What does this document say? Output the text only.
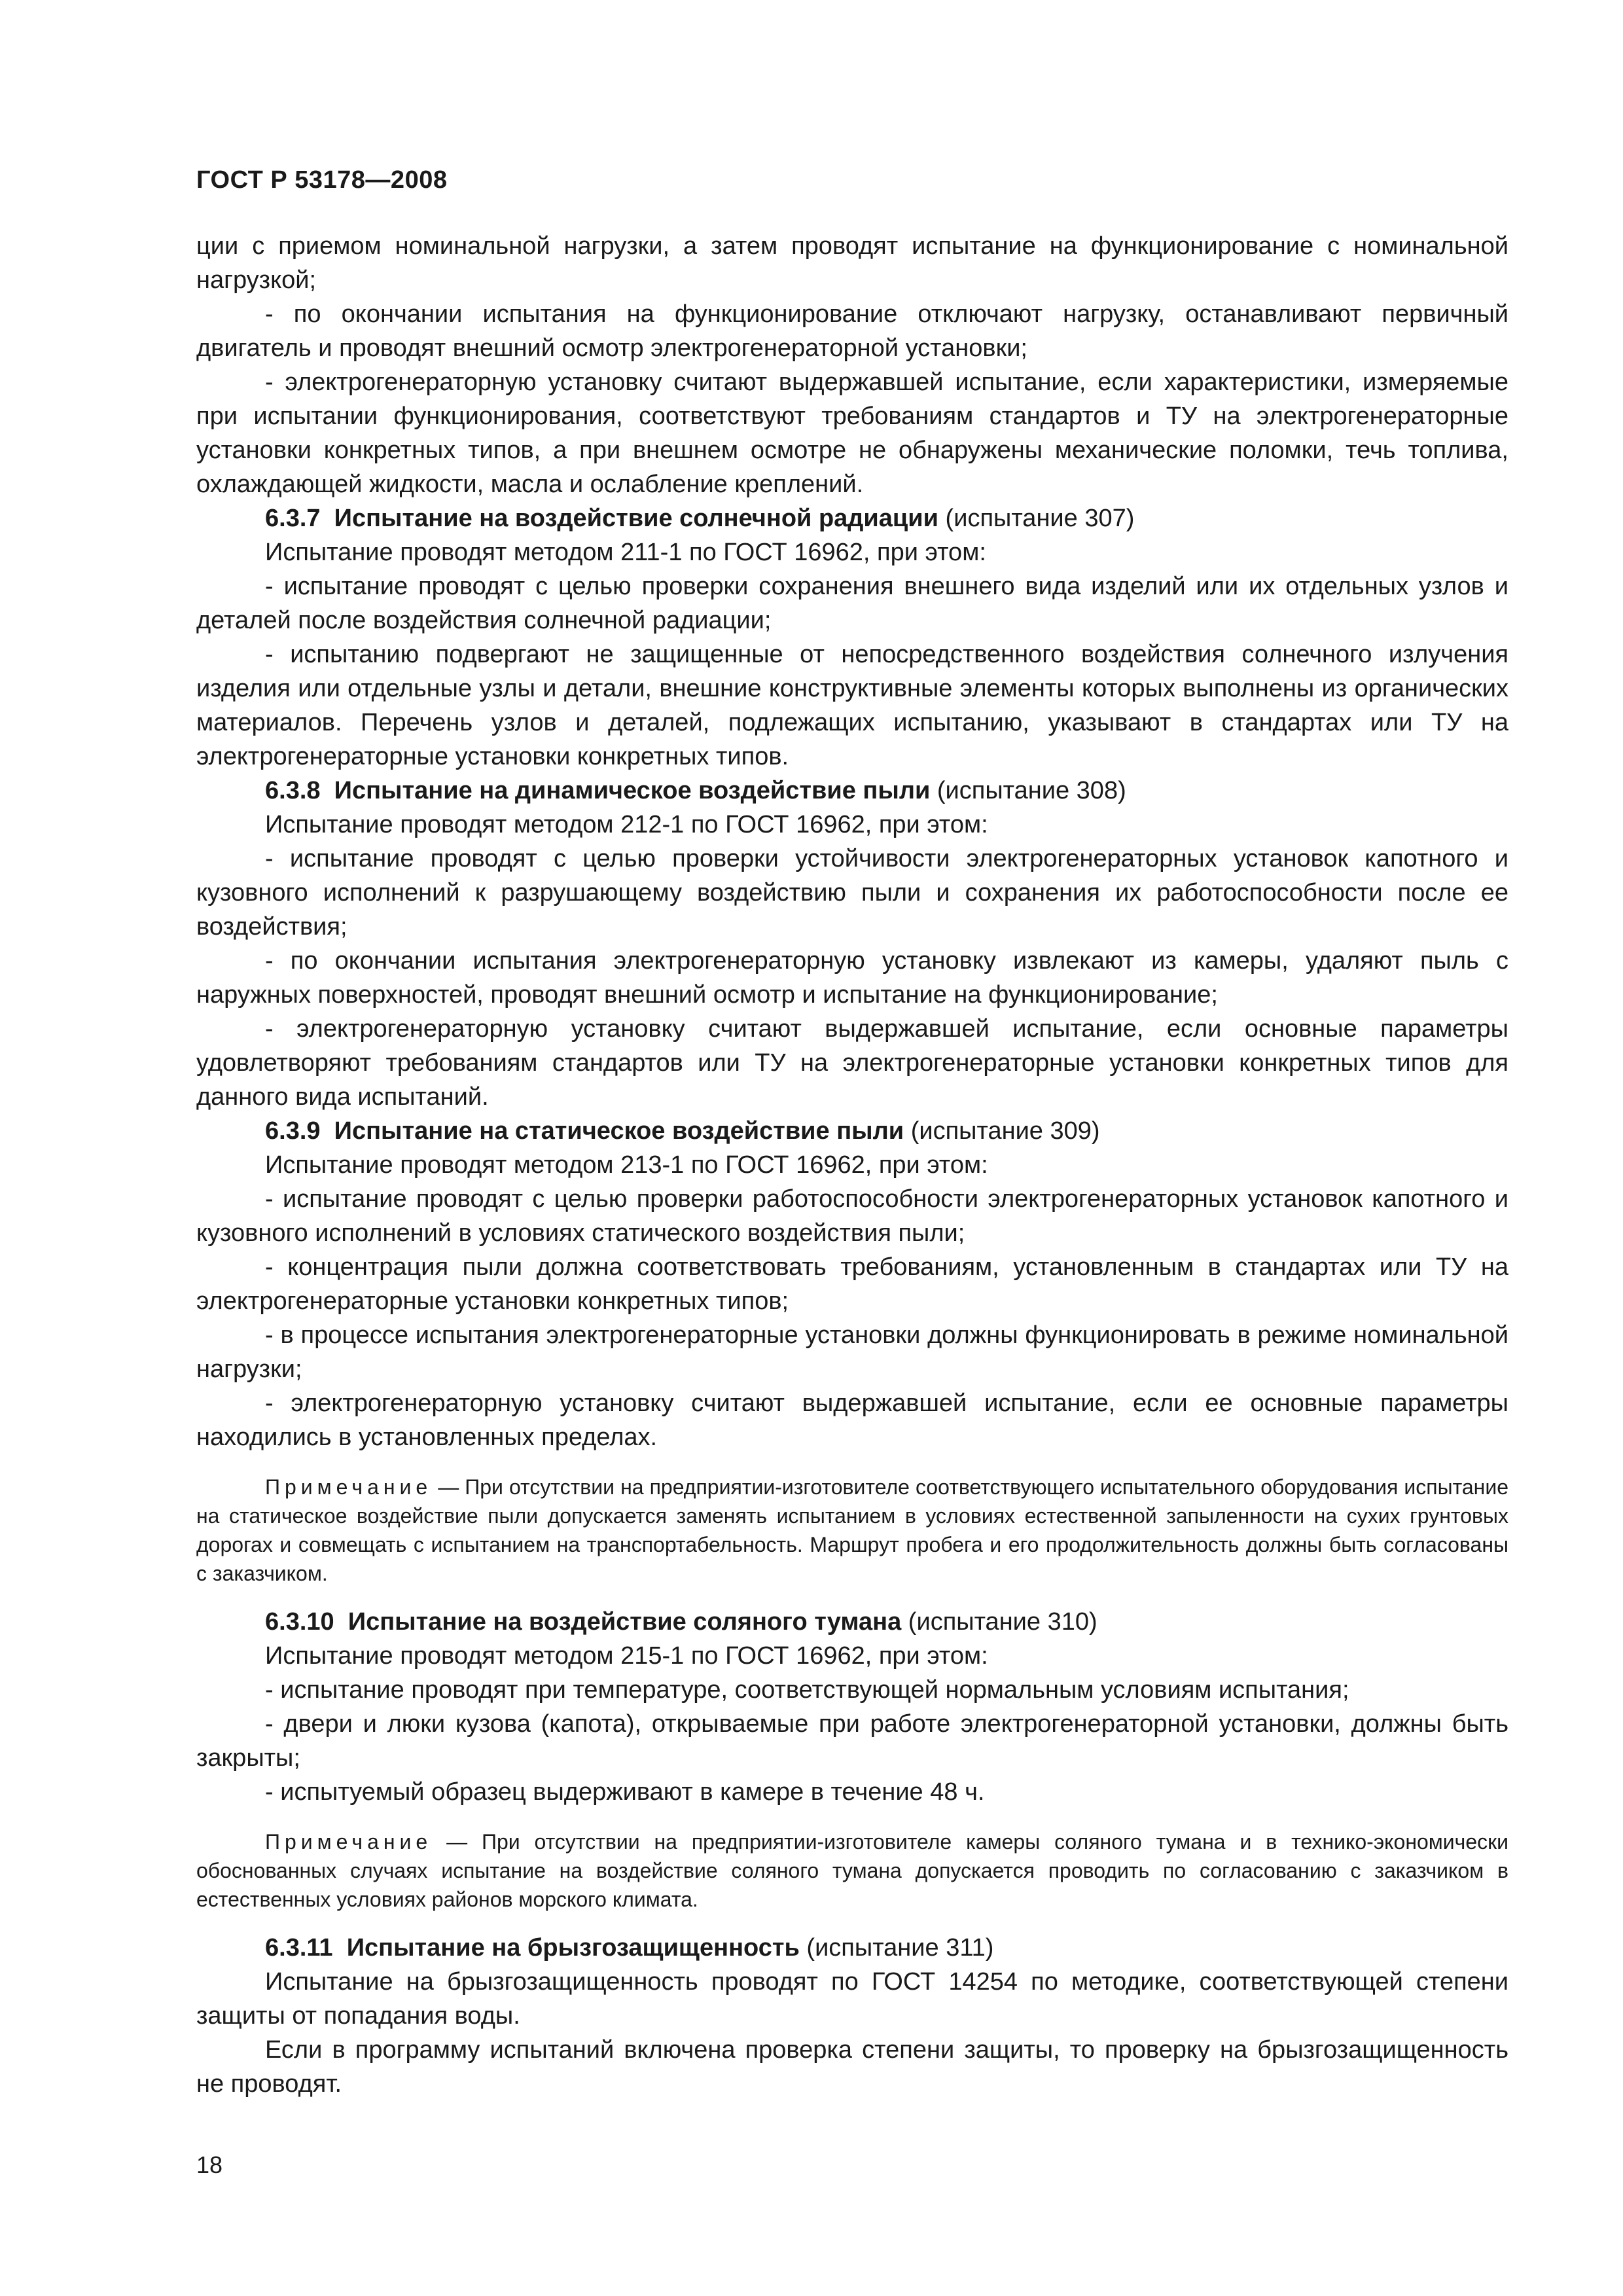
ГОСТ Р 53178—2008

ции с приемом номинальной нагрузки, а затем проводят испытание на функционирование с номинальной нагрузкой;

- по окончании испытания на функционирование отключают нагрузку, останавливают первичный двигатель и проводят внешний осмотр электрогенераторной установки;

- электрогенераторную установку считают выдержавшей испытание, если характеристики, измеряемые при испытании функционирования, соответствуют требованиям стандартов и ТУ на электрогенераторные установки конкретных типов, а при внешнем осмотре не обнаружены механические поломки, течь топлива, охлаждающей жидкости, масла и ослабление креплений.

6.3.7 Испытание на воздействие солнечной радиации (испытание 307)

Испытание проводят методом 211-1 по ГОСТ 16962, при этом:

- испытание проводят с целью проверки сохранения внешнего вида изделий или их отдельных узлов и деталей после воздействия солнечной радиации;

- испытанию подвергают не защищенные от непосредственного воздействия солнечного излучения изделия или отдельные узлы и детали, внешние конструктивные элементы которых выполнены из органических материалов. Перечень узлов и деталей, подлежащих испытанию, указывают в стандартах или ТУ на электрогенераторные установки конкретных типов.

6.3.8 Испытание на динамическое воздействие пыли (испытание 308)

Испытание проводят методом 212-1 по ГОСТ 16962, при этом:

- испытание проводят с целью проверки устойчивости электрогенераторных установок капотного и кузовного исполнений к разрушающему воздействию пыли и сохранения их работоспособности после ее воздействия;

- по окончании испытания электрогенераторную установку извлекают из камеры, удаляют пыль с наружных поверхностей, проводят внешний осмотр и испытание на функционирование;

- электрогенераторную установку считают выдержавшей испытание, если основные параметры удовлетворяют требованиям стандартов или ТУ на электрогенераторные установки конкретных типов для данного вида испытаний.

6.3.9 Испытание на статическое воздействие пыли (испытание 309)

Испытание проводят методом 213-1 по ГОСТ 16962, при этом:

- испытание проводят с целью проверки работоспособности электрогенераторных установок капотного и кузовного исполнений в условиях статического воздействия пыли;

- концентрация пыли должна соответствовать требованиям, установленным в стандартах или ТУ на электрогенераторные установки конкретных типов;

- в процессе испытания электрогенераторные установки должны функционировать в режиме номинальной нагрузки;

- электрогенераторную установку считают выдержавшей испытание, если ее основные параметры находились в установленных пределах.

Примечание — При отсутствии на предприятии-изготовителе соответствующего испытательного оборудования испытание на статическое воздействие пыли допускается заменять испытанием в условиях естественной запыленности на сухих грунтовых дорогах и совмещать с испытанием на транспортабельность. Маршрут пробега и его продолжительность должны быть согласованы с заказчиком.

6.3.10 Испытание на воздействие соляного тумана (испытание 310)

Испытание проводят методом 215-1 по ГОСТ 16962, при этом:

- испытание проводят при температуре, соответствующей нормальным условиям испытания;

- двери и люки кузова (капота), открываемые при работе электрогенераторной установки, должны быть закрыты;

- испытуемый образец выдерживают в камере в течение 48 ч.

Примечание — При отсутствии на предприятии-изготовителе камеры соляного тумана и в технико-экономически обоснованных случаях испытание на воздействие соляного тумана допускается проводить по согласованию с заказчиком в естественных условиях районов морского климата.

6.3.11 Испытание на брызгозащищенность (испытание 311)

Испытание на брызгозащищенность проводят по ГОСТ 14254 по методике, соответствующей степени защиты от попадания воды.

Если в программу испытаний включена проверка степени защиты, то проверку на брызгозащищенность не проводят.

18
